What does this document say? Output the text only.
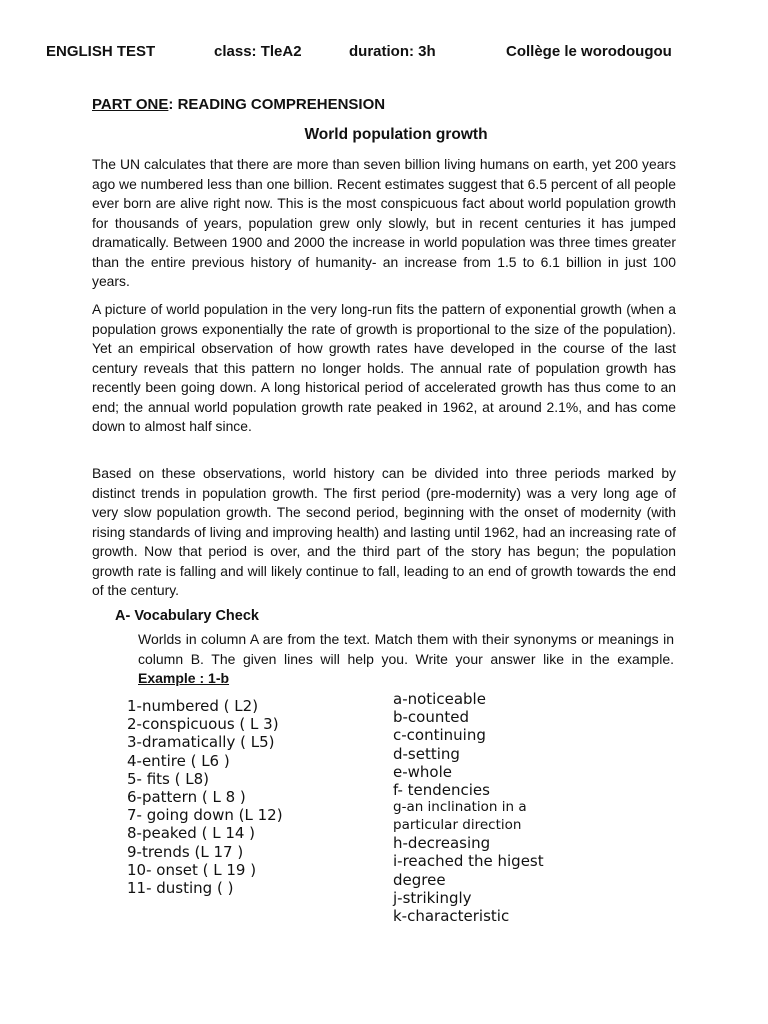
ENGLISH TEST	class: TleA2	duration: 3h	Collège le worodougou
PART ONE: READING COMPREHENSION
World population growth

The UN calculates that there are more than seven billion living humans on earth, yet 200 years ago we numbered less than one billion. Recent estimates suggest that 6.5 percent of all people ever born are alive right now. This is the most conspicuous fact about world population growth for thousands of years, population grew only slowly, but in recent centuries it has jumped dramatically. Between 1900 and 2000 the increase in world population was three times greater than the entire previous history of humanity- an increase from 1.5 to 6.1 billion in just 100 years.

A picture of world population in the very long-run fits the pattern of exponential growth (when a population grows exponentially the rate of growth is proportional to the size of the population). Yet an empirical observation of how growth rates have developed in the course of the last century reveals that this pattern no longer holds. The annual rate of population growth has recently been going down. A long historical period of accelerated growth has thus come to an end; the annual world population growth rate peaked in 1962, at around 2.1%, and has come down to almost half since.

Based on these observations, world history can be divided into three periods marked by distinct trends in population growth. The first period (pre-modernity) was a very long age of very slow population growth. The second period, beginning with the onset of modernity (with rising standards of living and improving health) and lasting until 1962, had an increasing rate of growth. Now that period is over, and the third part of the story has begun; the population growth rate is falling and will likely continue to fall, leading to an end of growth towards the end of the century.

A- Vocabulary Check

Worlds in column A are from the text. Match them with their synonyms or meanings in column B. The given lines will help you. Write your answer like in the example. Example : 1-b

1-numbered ( L2)
2-conspicuous ( L 3)
3-dramatically ( L5)
4-entire ( L6 )
5- fits ( L8)
6-pattern ( L 8 )
7- going down (L 12)
8-peaked ( L 14 )
9-trends (L 17 )
10- onset ( L 19 )
11- dusting ( )
a-noticeable
b-counted
c-continuing
d-setting
e-whole
f- tendencies
g-an inclination in a particular direction
h-decreasing
i-reached the higest degree
j-strikingly
k-characteristic
